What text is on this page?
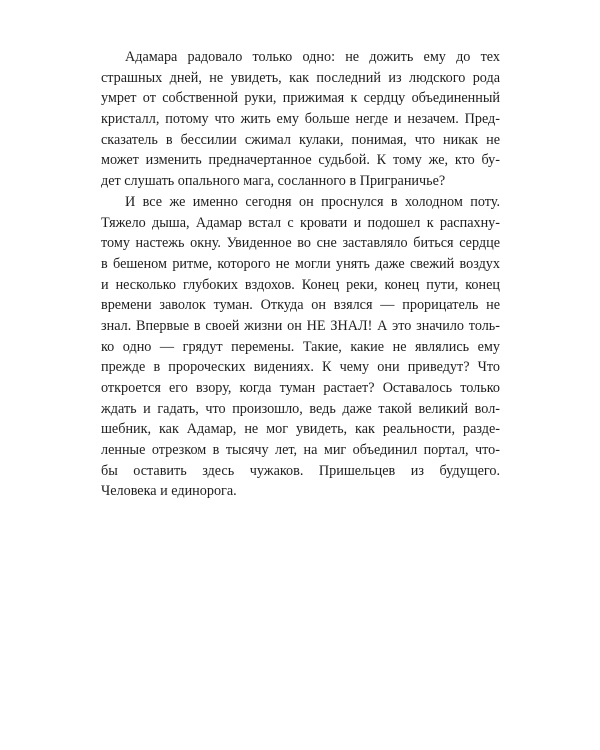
Адамара радовало только одно: не дожить ему до тех
страшных дней, не увидеть, как последний из людского рода
умрет от собственной руки, прижимая к сердцу объединенный
кристалл, потому что жить ему больше негде и незачем. Пред-
сказатель в бессилии сжимал кулаки, понимая, что никак не
может изменить предначертанное судьбой. К тому же, кто бу-
дет слушать опального мага, сосланного в Приграничье?
И все же именно сегодня он проснулся в холодном поту.
Тяжело дыша, Адамар встал с кровати и подошел к распахну-
тому настежь окну. Увиденное во сне заставляло биться сердце
в бешеном ритме, которого не могли унять даже свежий воздух
и несколько глубоких вздохов. Конец реки, конец пути, конец
времени заволок туман. Откуда он взялся — прорицатель не
знал. Впервые в своей жизни он НЕ ЗНАЛ! А это значило толь-
ко одно — грядут перемены. Такие, какие не являлись ему
прежде в пророческих видениях. К чему они приведут? Что
откроется его взору, когда туман растает? Оставалось только
ждать и гадать, что произошло, ведь даже такой великий вол-
шебник, как Адамар, не мог увидеть, как реальности, разде-
ленные отрезком в тысячу лет, на миг объединил портал, что-
бы оставить здесь чужаков. Пришельцев из будущего.
Человека и единорога.
